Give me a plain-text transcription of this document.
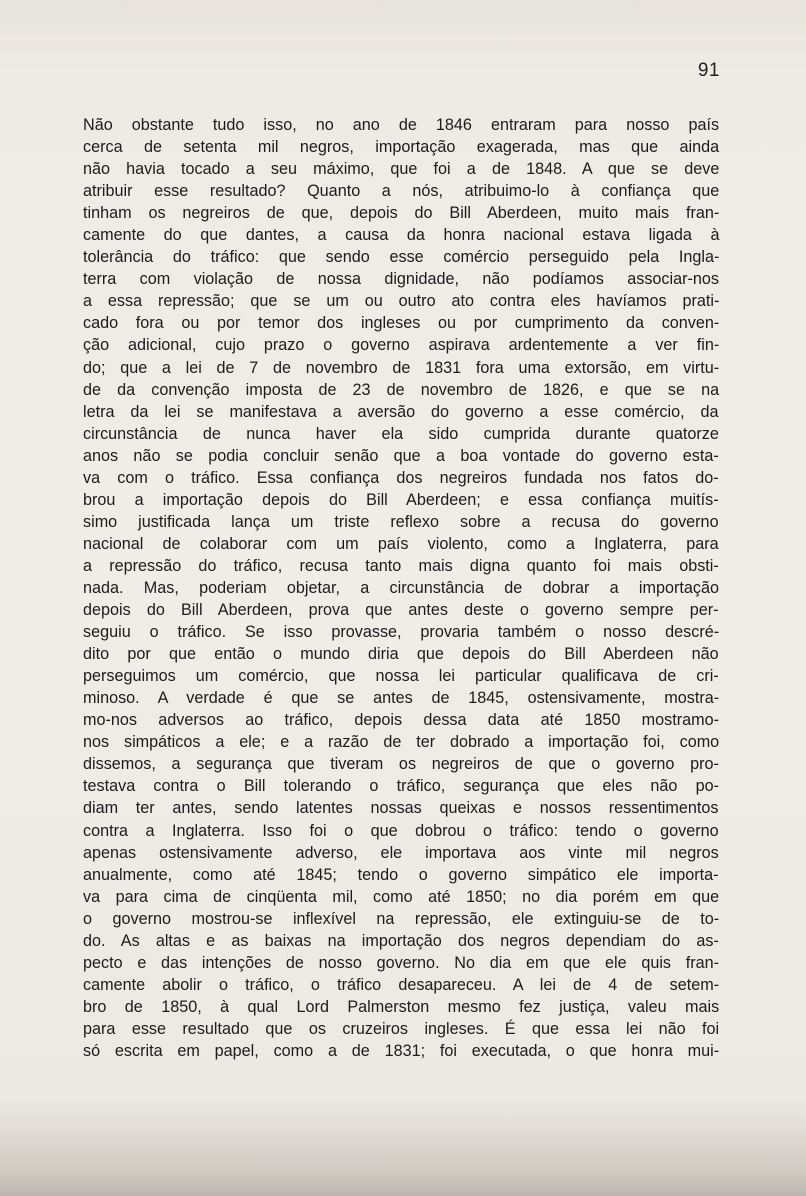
91
Não obstante tudo isso, no ano de 1846 entraram para nosso país
cerca de setenta mil negros, importação exagerada, mas que ainda
não havia tocado a seu máximo, que foi a de 1848. A que se deve
atribuir esse resultado? Quanto a nós, atribuimo-lo à confiança que
tinham os negreiros de que, depois do Bill Aberdeen, muito mais fran-
camente do que dantes, a causa da honra nacional estava ligada à
tolerância do tráfico: que sendo esse comércio perseguido pela Ingla-
terra com violação de nossa dignidade, não podíamos associar-nos
a essa repressão; que se um ou outro ato contra eles havíamos prati-
cado fora ou por temor dos ingleses ou por cumprimento da conven-
ção adicional, cujo prazo o governo aspirava ardentemente a ver fin-
do; que a lei de 7 de novembro de 1831 fora uma extorsão, em virtu-
de da convenção imposta de 23 de novembro de 1826, e que se na
letra da lei se manifestava a aversão do governo a esse comércio, da
circunstância de nunca haver ela sido cumprida durante quatorze
anos não se podia concluir senão que a boa vontade do governo esta-
va com o tráfico. Essa confiança dos negreiros fundada nos fatos do-
brou a importação depois do Bill Aberdeen; e essa confiança muitís-
simo justificada lança um triste reflexo sobre a recusa do governo
nacional de colaborar com um país violento, como a Inglaterra, para
a repressão do tráfico, recusa tanto mais digna quanto foi mais obsti-
nada. Mas, poderiam objetar, a circunstância de dobrar a importação
depois do Bill Aberdeen, prova que antes deste o governo sempre per-
seguiu o tráfico. Se isso provasse, provaria também o nosso descré-
dito por que então o mundo diria que depois do Bill Aberdeen não
perseguimos um comércio, que nossa lei particular qualificava de cri-
minoso. A verdade é que se antes de 1845, ostensivamente, mostra-
mo-nos adversos ao tráfico, depois dessa data até 1850 mostramo-
nos simpáticos a ele; e a razão de ter dobrado a importação foi, como
dissemos, a segurança que tiveram os negreiros de que o governo pro-
testava contra o Bill tolerando o tráfico, segurança que eles não po-
diam ter antes, sendo latentes nossas queixas e nossos ressentimentos
contra a Inglaterra. Isso foi o que dobrou o tráfico: tendo o governo
apenas ostensivamente adverso, ele importava aos vinte mil negros
anualmente, como até 1845; tendo o governo simpático ele importa-
va para cima de cinqüenta mil, como até 1850; no dia porém em que
o governo mostrou-se inflexível na repressão, ele extinguiu-se de to-
do. As altas e as baixas na importação dos negros dependiam do as-
pecto e das intenções de nosso governo. No dia em que ele quis fran-
camente abolir o tráfico, o tráfico desapareceu. A lei de 4 de setem-
bro de 1850, à qual Lord Palmerston mesmo fez justiça, valeu mais
para esse resultado que os cruzeiros ingleses. É que essa lei não foi
só escrita em papel, como a de 1831; foi executada, o que honra mui-
